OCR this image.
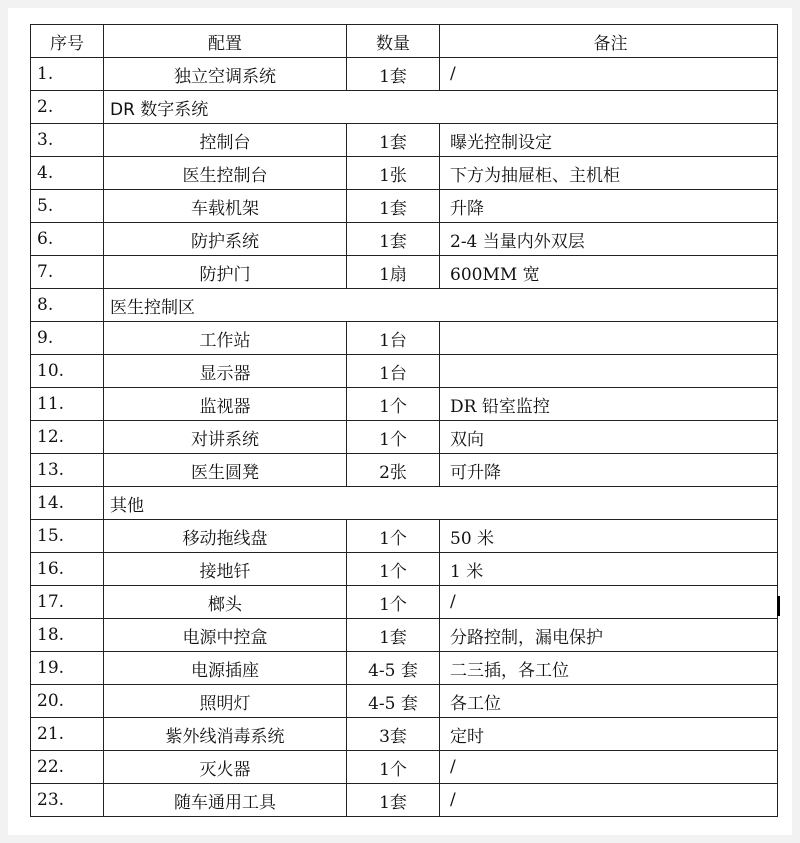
序号	配置	数量	备注
1.	独立空调系统	1套	/
2.	DR 数字系统		
3.	控制台	1套	曝光控制设定
4.	医生控制台	1张	下方为抽屉柜、主机柜
5.	车载机架	1套	升降
6.	防护系统	1套	2-4 当量内外双层
7.	防护门	1扇	600MM 宽
8.	医生控制区		
9.	工作站	1台	
10.	显示器	1台	
11.	监视器	1个	DR 铅室监控
12.	对讲系统	1个	双向
13.	医生圆凳	2张	可升降
14.	其他		
15.	移动拖线盘	1个	50 米
16.	接地钎	1个	1 米
17.	榔头	1个	/
18.	电源中控盒	1套	分路控制，漏电保护
19.	电源插座	4-5 套	二三插，各工位
20.	照明灯	4-5 套	各工位
21.	紫外线消毒系统	3套	定时
22.	灭火器	1个	/
23.	随车通用工具	1套	/
